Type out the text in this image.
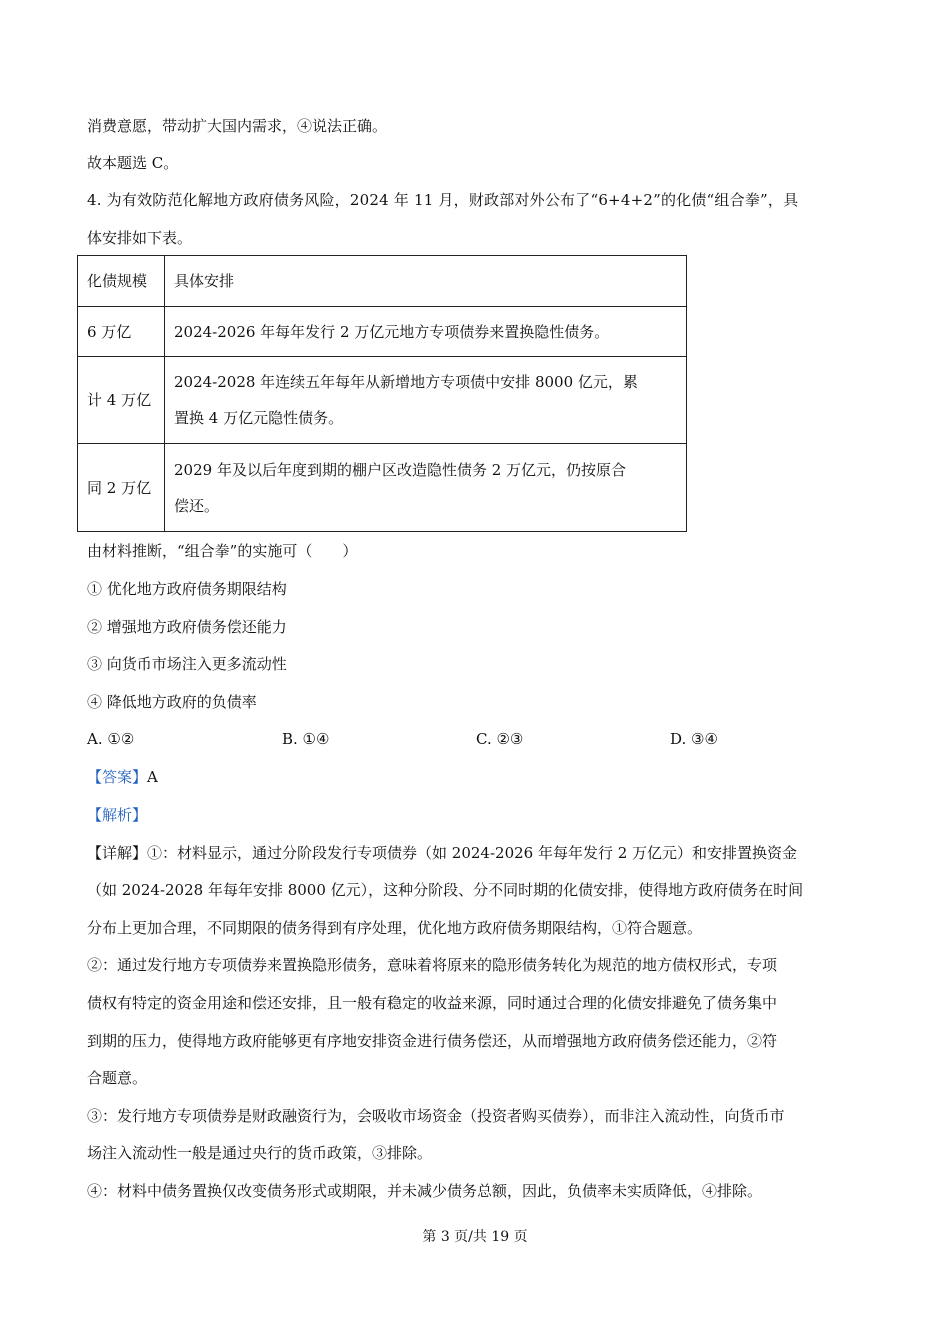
消费意愿，带动扩大国内需求，④说法正确。
故本题选 C。
4. 为有效防范化解地方政府债务风险，2024 年 11 月，财政部对外公布了“6+4+2”的化债“组合拳”，具
体安排如下表。
化债规模	具体安排
6 万亿	2024-2026 年每年发行 2 万亿元地方专项债券来置换隐性债务。

计 4 万亿	2024-2028 年连续五年每年从新增地方专项债中安排 8000 亿元，累
置换 4 万亿元隐性债务。

同 2 万亿	2029 年及以后年度到期的棚户区改造隐性债务 2 万亿元，仍按原合
偿还。
由材料推断，“组合拳”的实施可（　　）
① 优化地方政府债务期限结构
② 增强地方政府债务偿还能力
③ 向货币市场注入更多流动性
④ 降低地方政府的负债率
A. ①②	B. ①④	C. ②③	D. ③④
【答案】A
【解析】
【详解】①：材料显示，通过分阶段发行专项债券（如 2024-2026 年每年发行 2 万亿元）和安排置换资金
（如 2024-2028 年每年安排 8000 亿元），这种分阶段、分不同时期的化债安排，使得地方政府债务在时间
分布上更加合理，不同期限的债务得到有序处理，优化地方政府债务期限结构，①符合题意。
②：通过发行地方专项债券来置换隐形债务，意味着将原来的隐形债务转化为规范的地方债权形式，专项
债权有特定的资金用途和偿还安排，且一般有稳定的收益来源，同时通过合理的化债安排避免了债务集中
到期的压力，使得地方政府能够更有序地安排资金进行债务偿还，从而增强地方政府债务偿还能力，②符
合题意。
③：发行地方专项债券是财政融资行为，会吸收市场资金（投资者购买债券），而非注入流动性，向货币市
场注入流动性一般是通过央行的货币政策，③排除。
④：材料中债务置换仅改变债务形式或期限，并未减少债务总额，因此，负债率未实质降低，④排除。
第 3 页/共 19 页
